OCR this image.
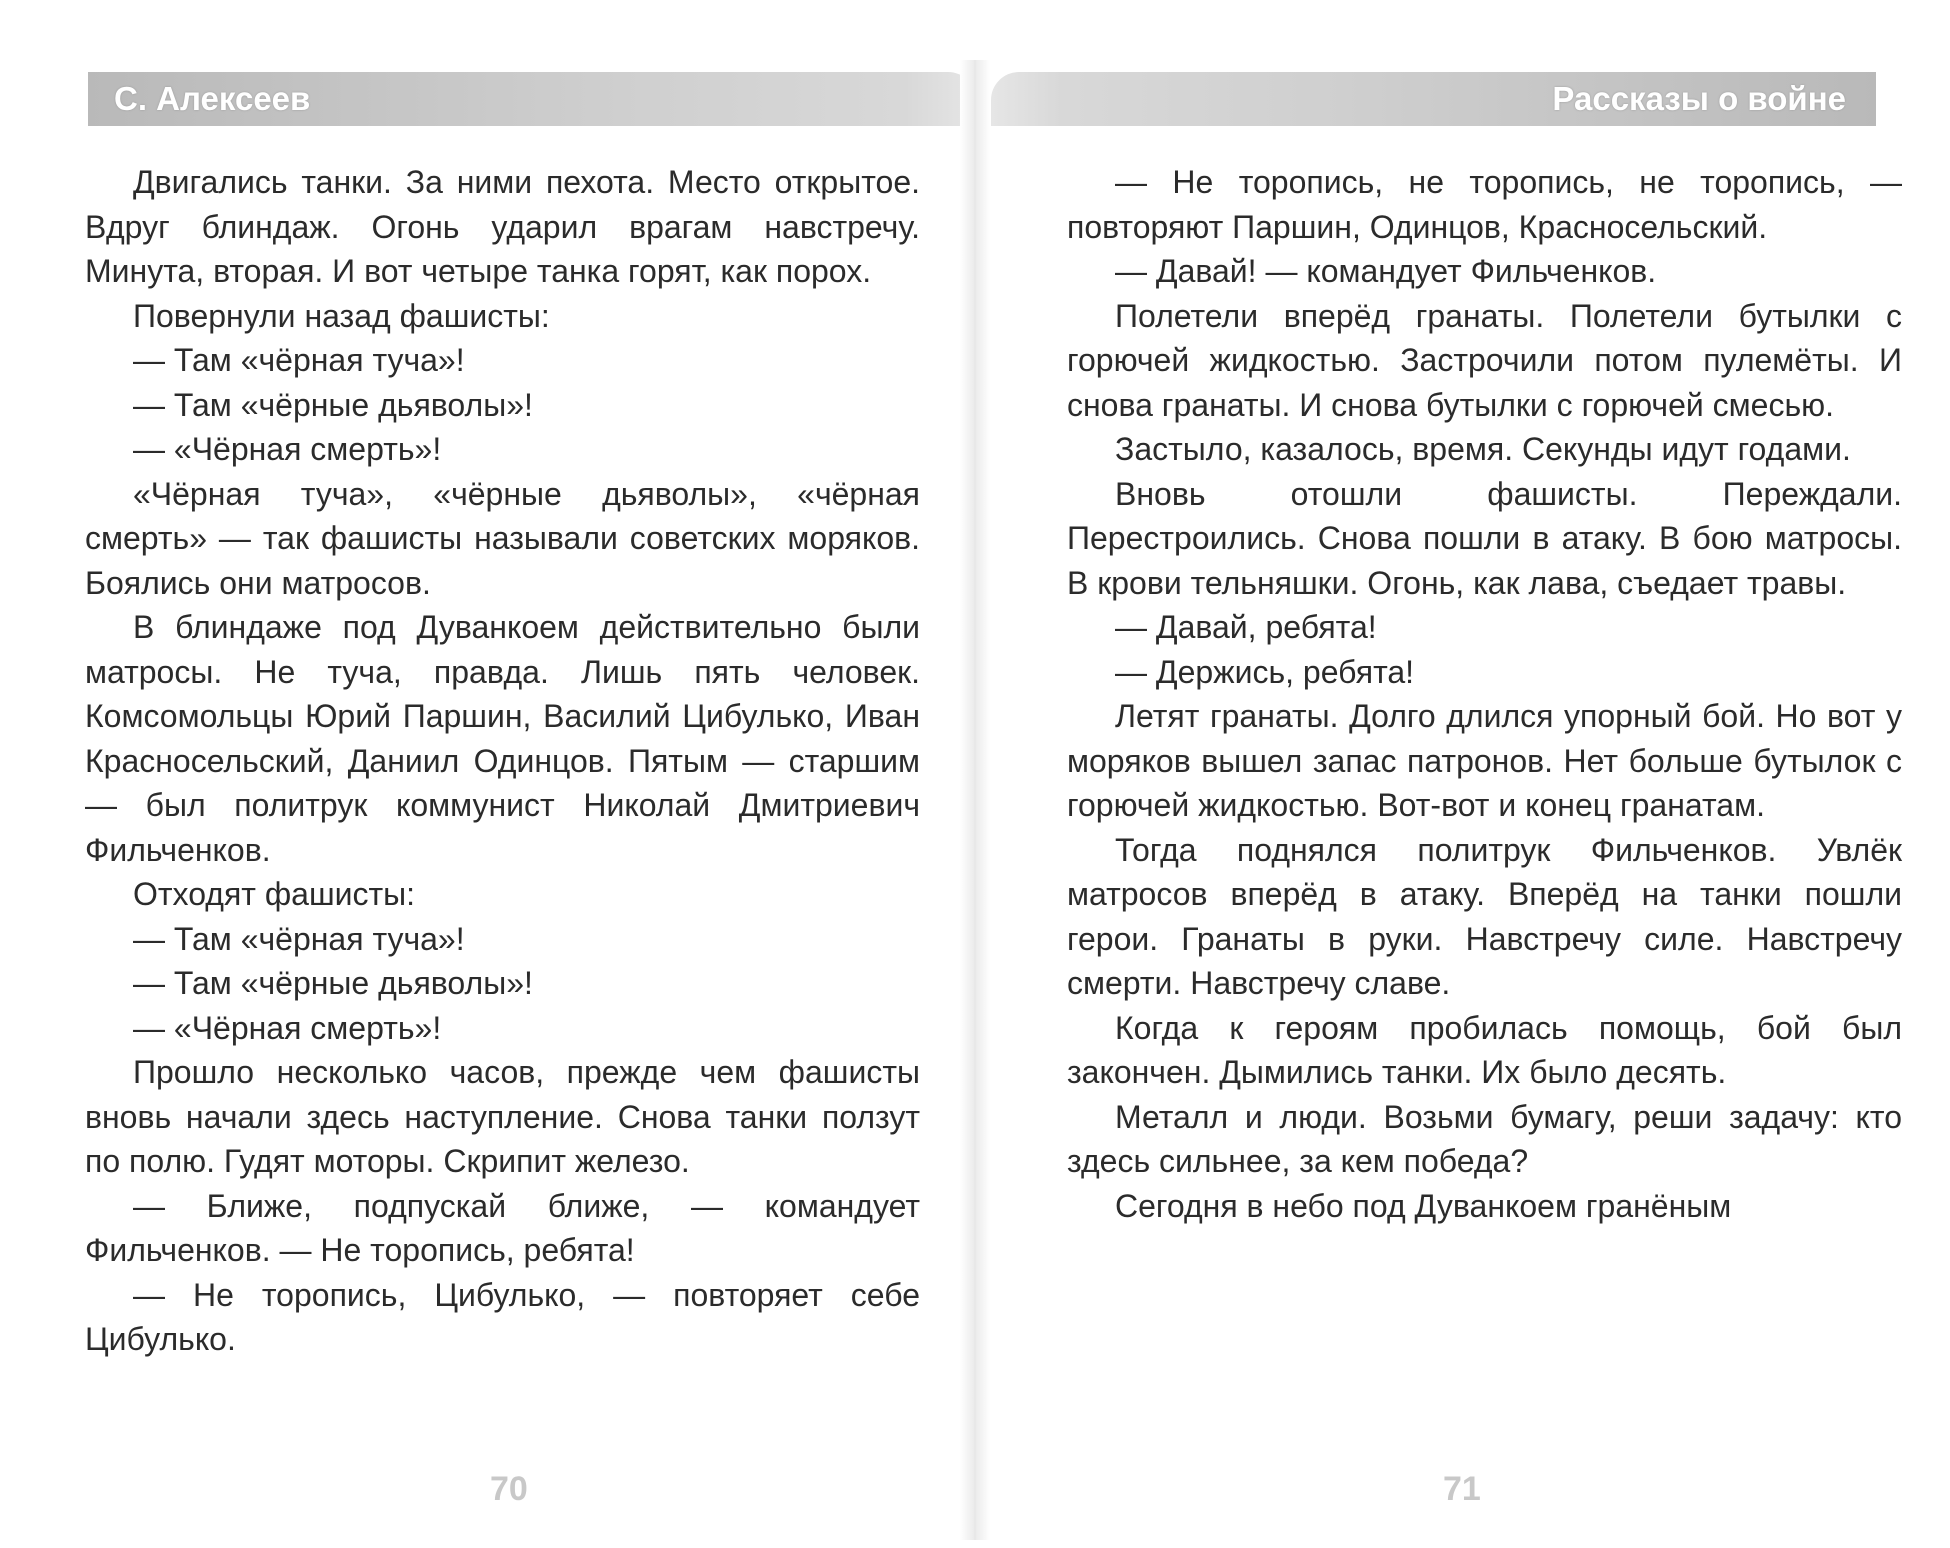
С. Алексеев

Двигались танки. За ними пехота. Место открытое. Вдруг блиндаж. Огонь ударил врагам навстречу. Минута, вторая. И вот четыре танка горят, как порох.

Повернули назад фашисты:

— Там «чёрная туча»!

— Там «чёрные дьяволы»!

— «Чёрная смерть»!

«Чёрная туча», «чёрные дьяволы», «чёрная смерть» — так фашисты называли советских моряков. Боялись они матросов.

В блиндаже под Дуванкоем действительно были матросы. Не туча, правда. Лишь пять человек. Комсомольцы Юрий Паршин, Василий Цибулько, Иван Красносельский, Даниил Одинцов. Пятым — старшим — был политрук коммунист Николай Дмитриевич Фильченков.

Отходят фашисты:

— Там «чёрная туча»!

— Там «чёрные дьяволы»!

— «Чёрная смерть»!

Прошло несколько часов, прежде чем фашисты вновь начали здесь наступление. Снова танки ползут по полю. Гудят моторы. Скрипит железо.

— Ближе, подпускай ближе, — командует Фильченков. — Не торопись, ребята!

— Не торопись, Цибулько, — повторяет себе Цибулько.

70
Рассказы о войне

— Не торопись, не торопись, не торопись, — повторяют Паршин, Одинцов, Красносельский.

— Давай! — командует Фильченков.

Полетели вперёд гранаты. Полетели бутылки с горючей жидкостью. Застрочили потом пулемёты. И снова гранаты. И снова бутылки с горючей смесью.

Застыло, казалось, время. Секунды идут годами.

Вновь отошли фашисты. Переждали. Перестроились. Снова пошли в атаку. В бою матросы. В крови тельняшки. Огонь, как лава, съедает травы.

— Давай, ребята!

— Держись, ребята!

Летят гранаты. Долго длился упорный бой. Но вот у моряков вышел запас патронов. Нет больше бутылок с горючей жидкостью. Вот-вот и конец гранатам.

Тогда поднялся политрук Фильченков. Увлёк матросов вперёд в атаку. Вперёд на танки пошли герои. Гранаты в руки. Навстречу силе. Навстречу смерти. Навстречу славе.

Когда к героям пробилась помощь, бой был закончен. Дымились танки. Их было десять.

Металл и люди. Возьми бумагу, реши задачу: кто здесь сильнее, за кем победа?

Сегодня в небо под Дуванкоем гранёным

71
